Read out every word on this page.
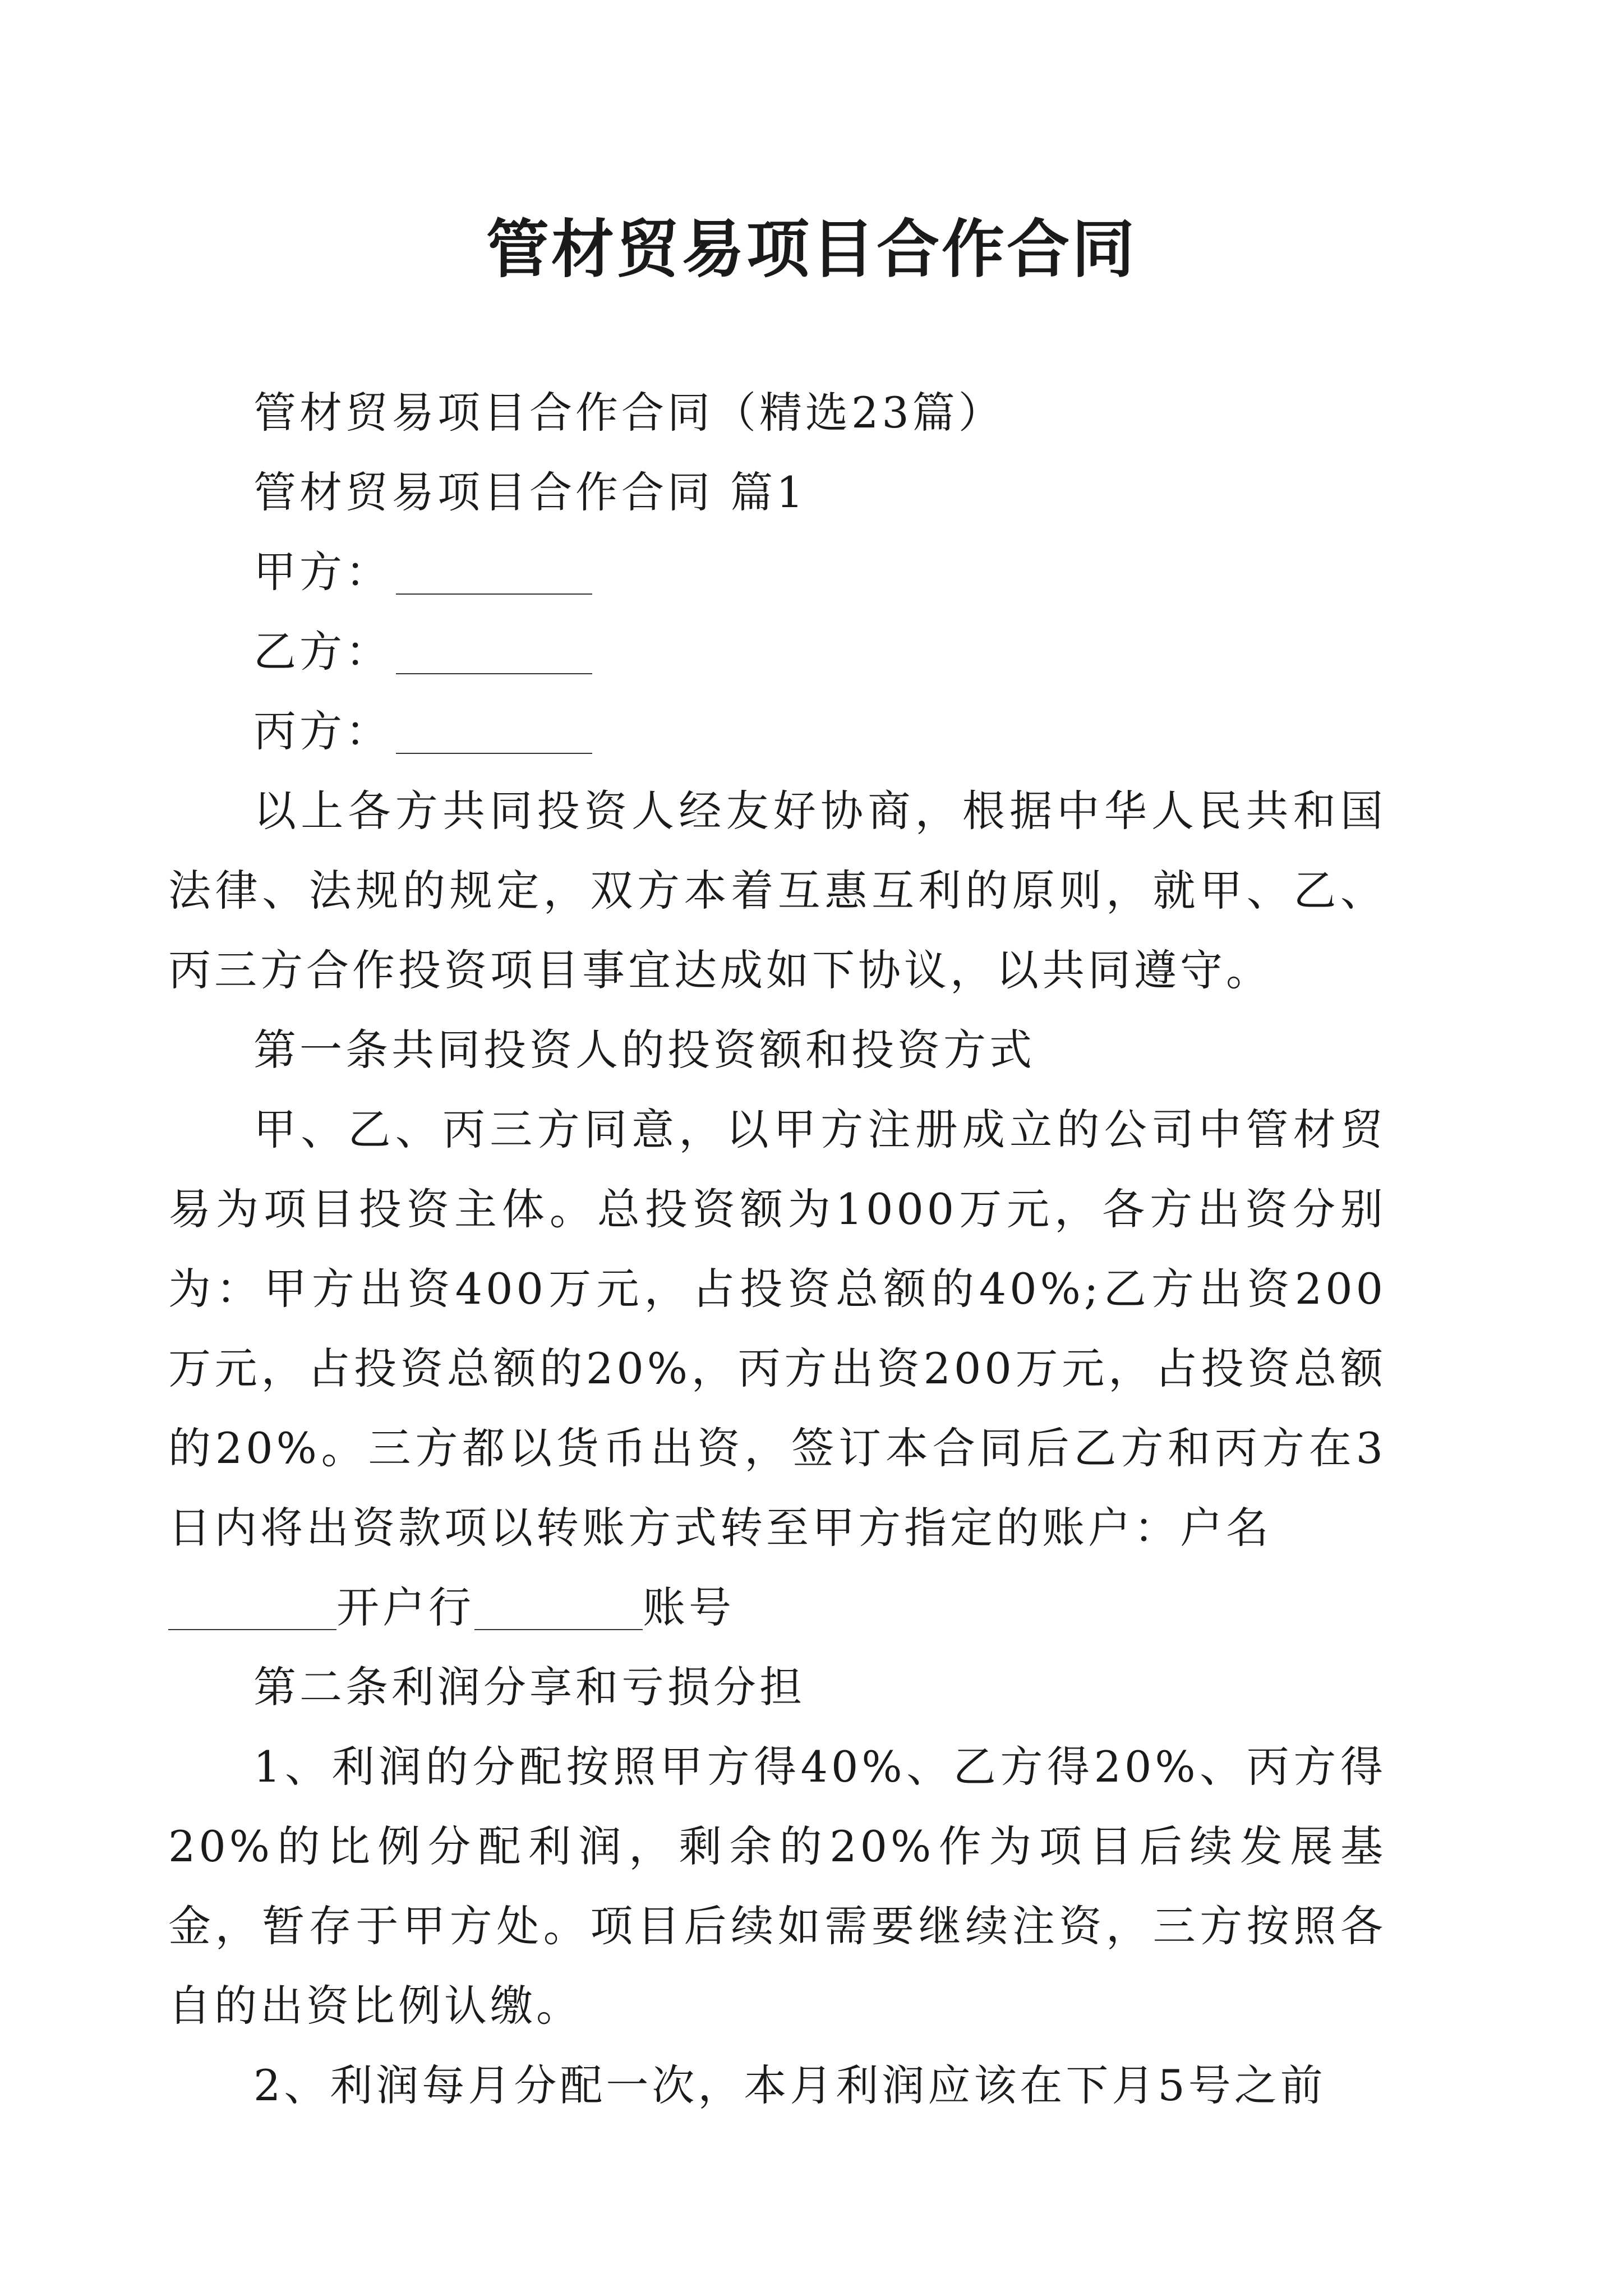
管材贸易项目合作合同

管材贸易项目合作合同（精选23篇）

管材贸易项目合作合同 篇1

甲方：

乙方：

丙方：

以上各方共同投资人经友好协商，根据中华人民共和国法律、法规的规定，双方本着互惠互利的原则，就甲、乙、丙三方合作投资项目事宜达成如下协议，以共同遵守。

第一条共同投资人的投资额和投资方式

甲、乙、丙三方同意，以甲方注册成立的公司中管材贸易为项目投资主体。总投资额为1000万元，各方出资分别为：甲方出资400万元，占投资总额的40%;乙方出资200万元，占投资总额的20%，丙方出资200万元，占投资总额的20%。三方都以货币出资，签订本合同后乙方和丙方在3日内将出资款项以转账方式转至甲方指定的账户：户名

开户行	账号

第二条利润分享和亏损分担

1、利润的分配按照甲方得40%、乙方得20%、丙方得20%的比例分配利润，剩余的20%作为项目后续发展基金，暂存于甲方处。项目后续如需要继续注资，三方按照各自的出资比例认缴。

2、利润每月分配一次，本月利润应该在下月5号之前
